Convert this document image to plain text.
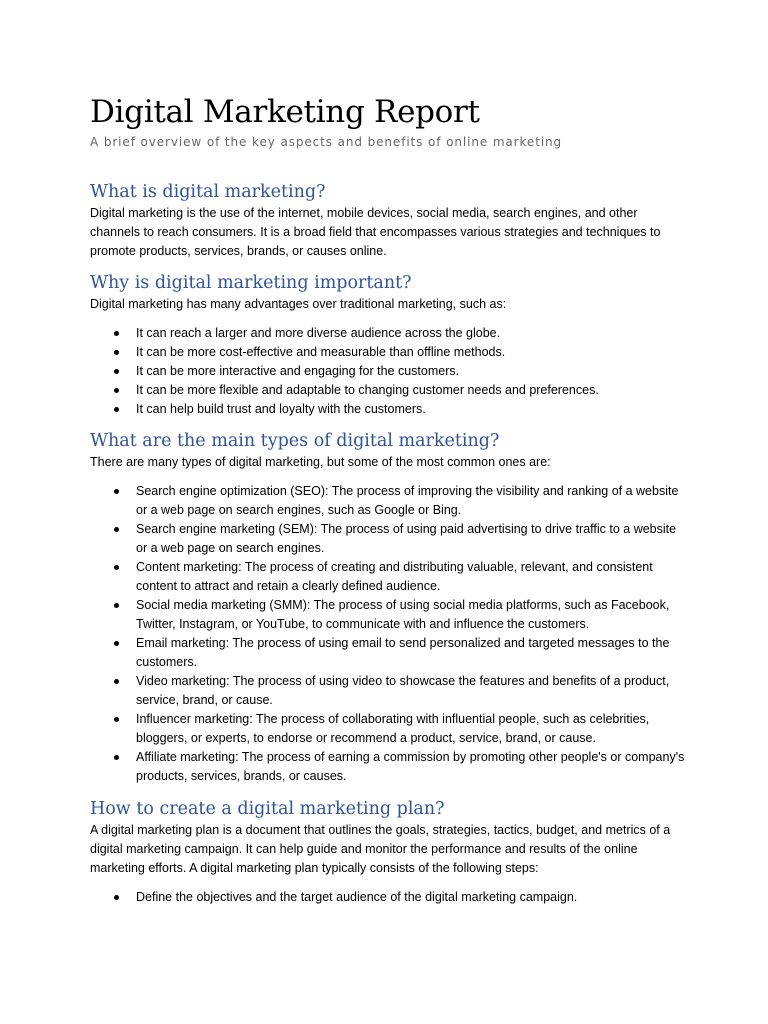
Digital Marketing Report
A brief overview of the key aspects and benefits of online marketing
What is digital marketing?

Digital marketing is the use of the internet, mobile devices, social media, search engines, and other channels to reach consumers. It is a broad field that encompasses various strategies and techniques to promote products, services, brands, or causes online.

Why is digital marketing important?

Digital marketing has many advantages over traditional marketing, such as:

It can reach a larger and more diverse audience across the globe.
It can be more cost-effective and measurable than offline methods.
It can be more interactive and engaging for the customers.
It can be more flexible and adaptable to changing customer needs and preferences.
It can help build trust and loyalty with the customers.
What are the main types of digital marketing?

There are many types of digital marketing, but some of the most common ones are:

Search engine optimization (SEO): The process of improving the visibility and ranking of a website or a web page on search engines, such as Google or Bing.
Search engine marketing (SEM): The process of using paid advertising to drive traffic to a website or a web page on search engines.
Content marketing: The process of creating and distributing valuable, relevant, and consistent content to attract and retain a clearly defined audience.
Social media marketing (SMM): The process of using social media platforms, such as Facebook, Twitter, Instagram, or YouTube, to communicate with and influence the customers.
Email marketing: The process of using email to send personalized and targeted messages to the customers.
Video marketing: The process of using video to showcase the features and benefits of a product, service, brand, or cause.
Influencer marketing: The process of collaborating with influential people, such as celebrities, bloggers, or experts, to endorse or recommend a product, service, brand, or cause.
Affiliate marketing: The process of earning a commission by promoting other people's or company's products, services, brands, or causes.
How to create a digital marketing plan?

A digital marketing plan is a document that outlines the goals, strategies, tactics, budget, and metrics of a digital marketing campaign. It can help guide and monitor the performance and results of the online marketing efforts. A digital marketing plan typically consists of the following steps:

Define the objectives and the target audience of the digital marketing campaign.
